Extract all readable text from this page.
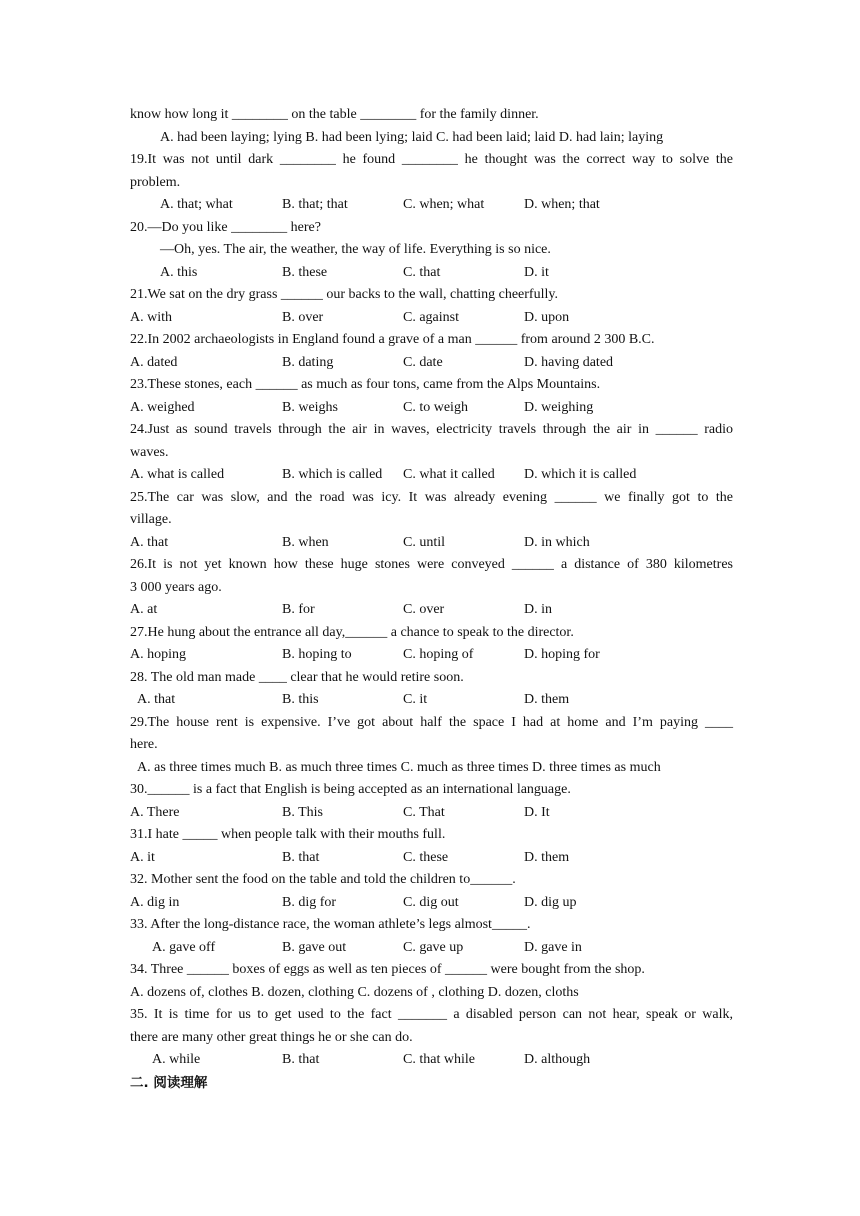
know how long it ________ on the table ________ for the family dinner.
A. had been laying; lying B. had been lying; laid C. had been laid; laid D. had lain; laying
19.It was not until dark ________ he found ________ he thought was the correct way to solve the
problem.
A. that; what	B. that; that	C. when; what	D. when; that
20.—Do you like ________ here?
—Oh, yes. The air, the weather, the way of life. Everything is so nice.
A. this	B. these	C. that	D. it
21.We sat on the dry grass ______ our backs to the wall, chatting cheerfully.
A. with	B. over	C. against	D. upon
22.In 2002 archaeologists in England found a grave of a man ______ from around 2 300 B.C.
A. dated	B. dating	C. date	D. having dated
23.These stones, each ______ as much as four tons, came from the Alps Mountains.
A. weighed	B. weighs	C. to weigh	D. weighing
24.Just as sound travels through the air in waves, electricity travels through the air in ______ radio
waves.
A. what is called	B. which is called C. what it called D. which it is called
25.The car was slow, and the road was icy. It was already evening ______ we finally got to the
village.
A. that	B. when	C. until	D. in which
26.It is not yet known how these huge stones were conveyed ______ a distance of 380 kilometres
3 000 years ago.
A. at	B. for	C. over	D. in
27.He hung about the entrance all day,______ a chance to speak to the director.
A. hoping	B. hoping to	C. hoping of	D. hoping for
28. The old man made ____ clear that he would retire soon.
A. that	B. this	C. it	D. them
29.The house rent is expensive. I’ve got about half the space I had at home and I’m paying ____
here.
A. as three times much B. as much three times C. much as three times D. three times as much
30.______ is a fact that English is being accepted as an international language.
A. There	B. This	C. That	D. It
31.I hate _____ when people talk with their mouths full.
A. it	B. that	C. these	D. them
32. Mother sent the food on the table and told the children to______.
A. dig in	B. dig for	C. dig out	D. dig up
33. After the long-distance race, the woman athlete’s legs almost_____.
A. gave off	B. gave out	C. gave up	D. gave in
34. Three ______ boxes of eggs as well as ten pieces of ______ were bought from the shop.
A. dozens of, clothes B. dozen, clothing C. dozens of , clothing D. dozen, cloths
35. It is time for us to get used to the fact _______ a disabled person can not hear, speak or walk,
there are many other great things he or she can do.
A. while	B. that	C. that while	D. although
二. 阅读理解
